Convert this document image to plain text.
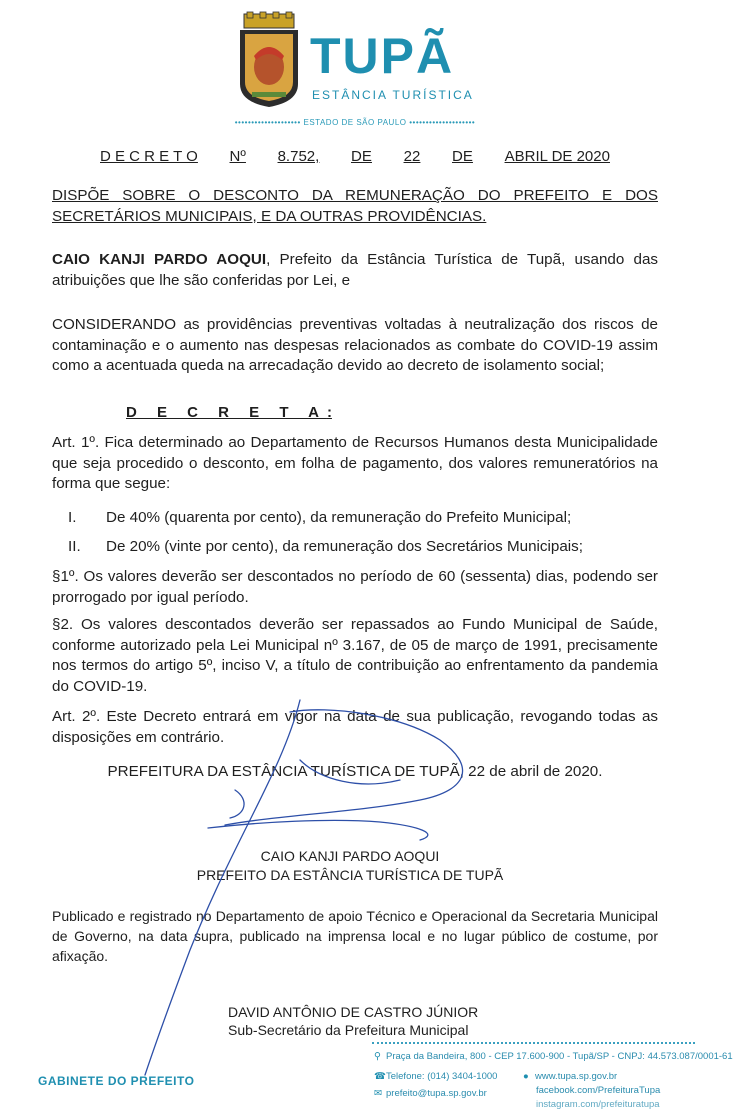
TUPÃ
ESTÂNCIA TURÍSTICA
•••••••••••••••••••• ESTADO DE SÃO PAULO ••••••••••••••••••••
D E C R E T O Nº 8.752, DE 22 DE ABRIL DE 2020
DISPÕE SOBRE O DESCONTO DA REMUNERAÇÃO DO PREFEITO E DOS SECRETÁRIOS MUNICIPAIS, E DA OUTRAS PROVIDÊNCIAS.
CAIO KANJI PARDO AOQUI, Prefeito da Estância Turística de Tupã, usando das atribuições que lhe são conferidas por Lei, e
CONSIDERANDO as providências preventivas voltadas à neutralização dos riscos de contaminação e o aumento nas despesas relacionados as combate do COVID-19 assim como a acentuada queda na arrecadação devido ao decreto de isolamento social;
D E C R E T A:
Art. 1º. Fica determinado ao Departamento de Recursos Humanos desta Municipalidade que seja procedido o desconto, em folha de pagamento, dos valores remuneratórios na forma que segue:
I. De 40% (quarenta por cento), da remuneração do Prefeito Municipal;
II. De 20% (vinte por cento), da remuneração dos Secretários Municipais;
§1º. Os valores deverão ser descontados no período de 60 (sessenta) dias, podendo ser prorrogado por igual período.
§2. Os valores descontados deverão ser repassados ao Fundo Municipal de Saúde, conforme autorizado pela Lei Municipal nº 3.167, de 05 de março de 1991, precisamente nos termos do artigo 5º, inciso V, a título de contribuição ao enfrentamento da pandemia do COVID-19.
Art. 2º. Este Decreto entrará em vigor na data de sua publicação, revogando todas as disposições em contrário.
PREFEITURA DA ESTÂNCIA TURÍSTICA DE TUPÃ, 22 de abril de 2020.
CAIO KANJI PARDO AOQUI
PREFEITO DA ESTÂNCIA TURÍSTICA DE TUPÃ
Publicado e registrado no Departamento de apoio Técnico e Operacional da Secretaria Municipal de Governo, na data supra, publicado na imprensa local e no lugar público de costume, por afixação.
DAVID ANTÔNIO DE CASTRO JÚNIOR
Sub-Secretário da Prefeitura Municipal
GABINETE DO PREFEITO
⚲ Praça da Bandeira, 800 - CEP 17.600-900 - Tupã/SP - CNPJ: 44.573.087/0001-61
☎Telefone: (014) 3404-1000
✉ prefeito@tupa.sp.gov.br
● www.tupa.sp.gov.br
facebook.com/PrefeituraTupa
instagram.com/prefeituratupa
